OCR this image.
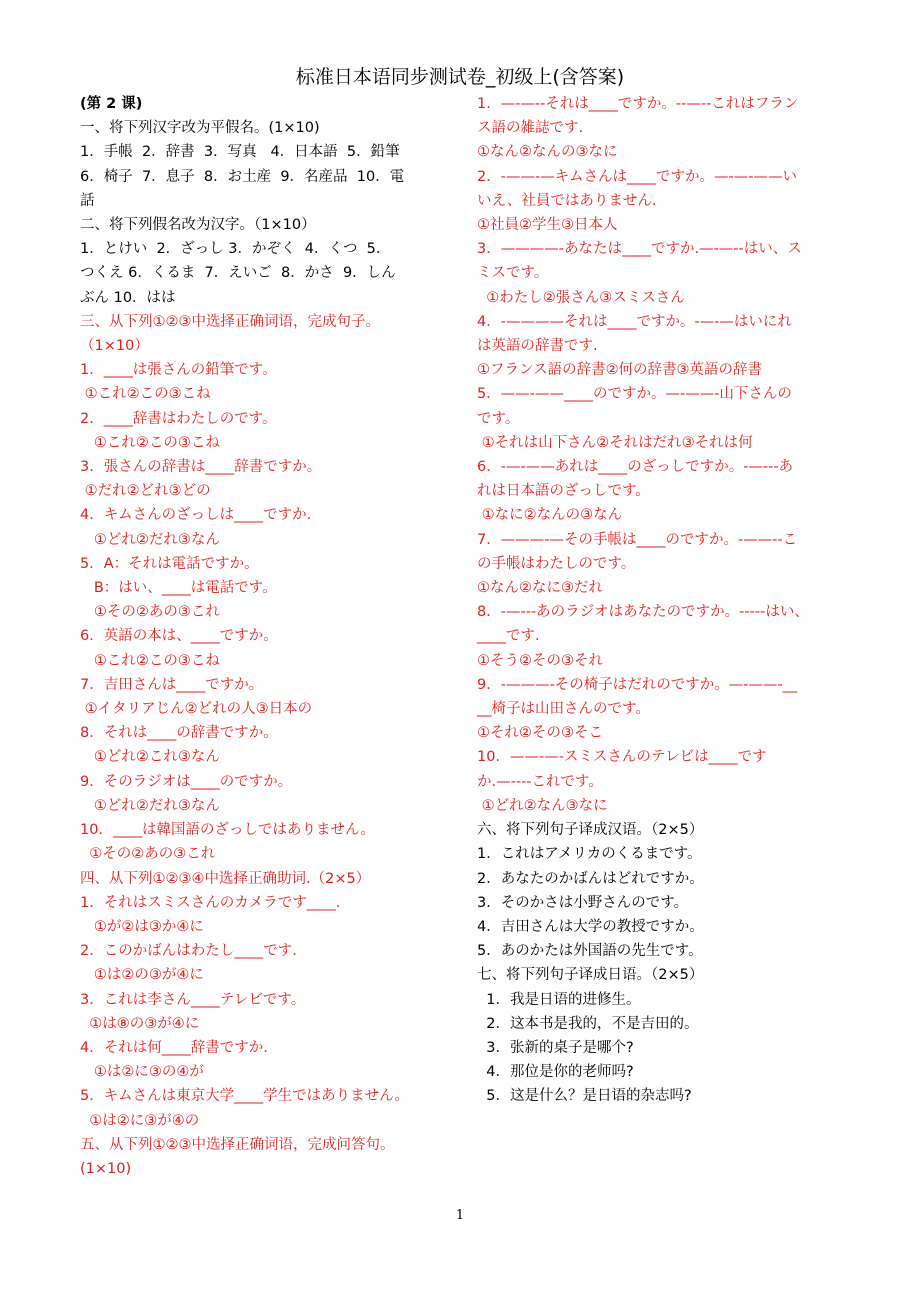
标准日本语同步测试卷_初级上(含答案)

(第 2 课)

一、将下列汉字改为平假名。(1×10)

1．手帳  2．辞書  3．写真   4．日本語  5．鉛筆

6．椅子  7．息子  8．お土産  9．名産品  10．電

話

二、将下列假名改为汉字。（1×10）

1．とけい  2．ざっし 3．かぞく  4．くつ  5．

つくえ 6．くるま  7．えいご  8．かさ  9．しん

ぶん 10．はは

三、从下列①②③中选择正确词语，完成句子。

（1×10）

1．____は張さんの鉛筆です。

①これ②この③こね

2．____辞書はわたしのです。

①これ②この③こね

3．張さんの辞書は____辞書ですか。

①だれ②どれ③どの

4．キムさんのざっしは____ですか.

①どれ②だれ③なん

5．A：それは電話ですか。

B：はい、____は電話です。

①その②あの③これ

6．英語の本は、____ですか。

①これ②この③こね

7．吉田さんは____ですか。

①イタリアじん②どれの人③日本の

8．それは____の辞書ですか。

①どれ②これ③なん

9．そのラジオは____のですか。

①どれ②だれ③なん

10．____は韓国語のざっしではありません。

①その②あの③これ

四、从下列①②③④中选择正确助词.（2×5）

1．それはスミスさんのカメラです____.

①が②は③か④に

2．このかばんはわたし____です.

①は②の③が④に

3．これは李さん____テレビです。

①は⑧の③が④に

4．それは何____辞書ですか.

①は②に③の④が

5．キムさんは東京大学____学生ではありません。

①は②に③が④の

五、从下列①②③中选择正确词语，完成问答句。

(1×10)

1．—-—--それは____ですか。--—--これはフラン

ス語の雑誌です.

①なん②なんの③なに

2．-——-—キムさんは____ですか。—-—-——い

いえ、社員ではありません.

①社員②学生③日本人

3．————-あなたは____ですか.—-—--はい、ス

ミスです。

①わたし②張さん③スミスさん

4．-————それは____ですか。-—-—はいにれ

は英語の辞書です.

①フランス語の辞書②何の辞書③英語の辞書

5．——-——____のですか。—-——-山下さんの

です。

①それは山下さん②それはだれ③それは何

6．-—-——あれは____のざっしですか。-—---あ

れは日本語のざっしです。

①なに②なんの③なん

7．———-—その手帳は____のですか。-——--こ

の手帳はわたしのです。

①なん②なに③だれ

8．-—---あのラジオはあなたのですか。-----はい、

____です.

①そう②その③それ

9．-———-その椅子はだれのですか。—-——-__

__椅子は山田さんのです。

①それ②その③そこ

10．——-—-スミスさんのテレビは____です

か.—----これです。

①どれ②なん③なに

六、将下列句子译成汉语。（2×5）

1．これはアメリカのくるまです。

2．あなたのかばんはどれですか。

3．そのかさは小野さんのです。

4．吉田さんは大学の教授ですか。

5．あのかたは外国語の先生です。

七、将下列句子译成日语。（2×5）

1．我是日语的进修生。

2．这本书是我的，不是吉田的。

3．张新的桌子是哪个?

4．那位是你的老师吗?

5．这是什么？是日语的杂志吗?

1
